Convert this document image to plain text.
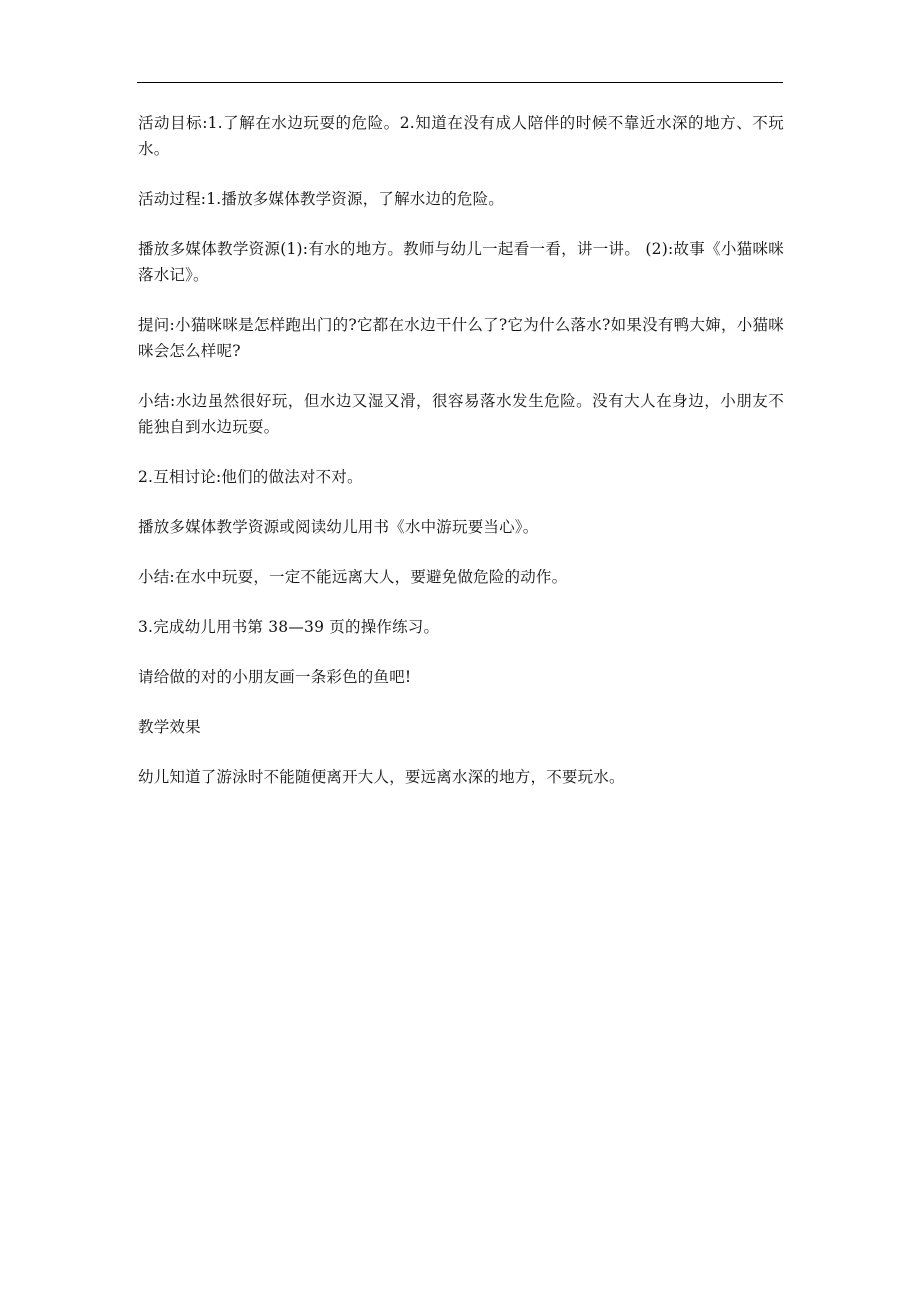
活动目标:1.了解在水边玩耍的危险。2.知道在没有成人陪伴的时候不靠近水深的地方、不玩水。

活动过程:1.播放多媒体教学资源，了解水边的危险。

播放多媒体教学资源(1):有水的地方。教师与幼儿一起看一看，讲一讲。 (2):故事《小猫咪咪落水记》。

提问:小猫咪咪是怎样跑出门的?它都在水边干什么了?它为什么落水?如果没有鸭大婶，小猫咪咪会怎么样呢?

小结:水边虽然很好玩，但水边又湿又滑，很容易落水发生危险。没有大人在身边，小朋友不能独自到水边玩耍。

2.互相讨论:他们的做法对不对。

播放多媒体教学资源或阅读幼儿用书《水中游玩要当心》。

小结:在水中玩耍，一定不能远离大人，要避免做危险的动作。

3.完成幼儿用书第 38—39 页的操作练习。

请给做的对的小朋友画一条彩色的鱼吧!

教学效果

幼儿知道了游泳时不能随便离开大人，要远离水深的地方，不要玩水。
